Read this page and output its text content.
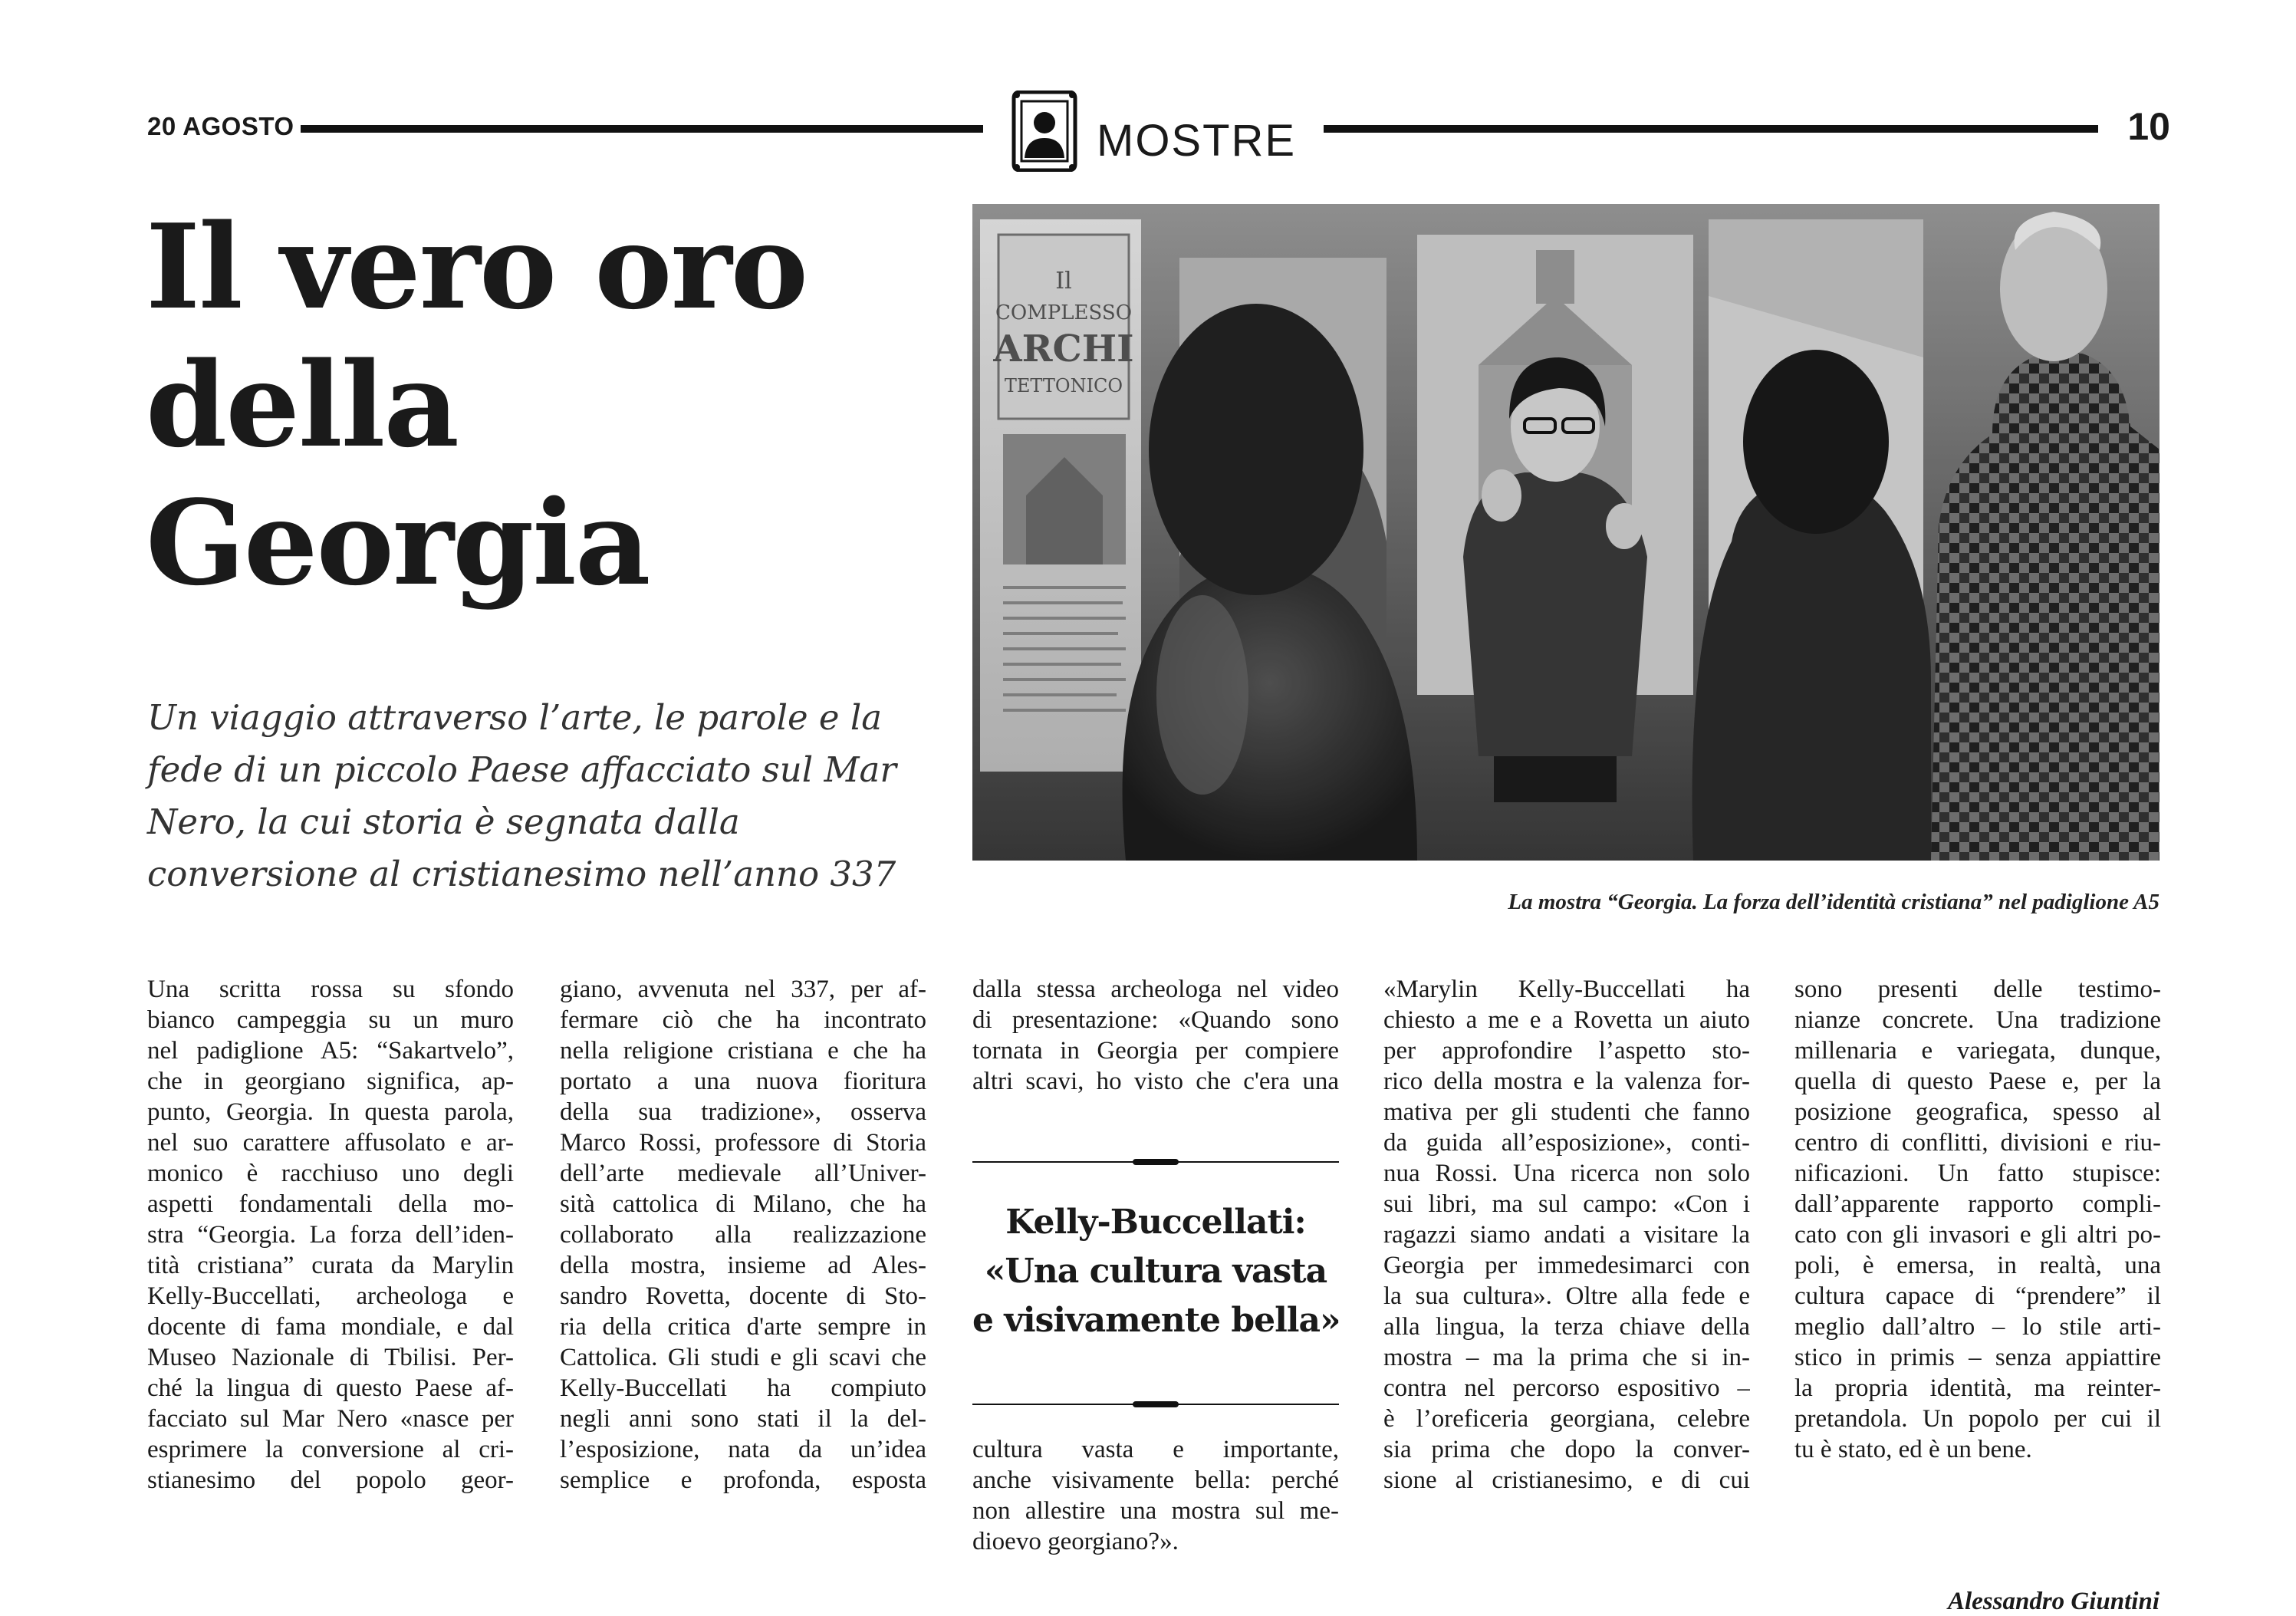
20 AGOSTO	MOSTRE	10
Il vero oro
della
Georgia
Un viaggio attraverso l’arte, le parole e la
fede di un piccolo Paese affacciato sul Mar
Nero, la cui storia è segnata dalla
conversione al cristianesimo nell’anno 337
Il
COMPLESSO
ARCHI
TETTONICO
La mostra “Georgia. La forza dell’identità cristiana” nel padiglione A5
Una scritta rossa su sfondo
bianco campeggia su un muro
nel padiglione A5: “Sakartvelo”,
che in georgiano significa, ap-
punto, Georgia. In questa parola,
nel suo carattere affusolato e ar-
monico è racchiuso uno degli
aspetti fondamentali della mo-
stra “Georgia. La forza dell’iden-
tità cristiana” curata da Marylin
Kelly-Buccellati, archeologa e
docente di fama mondiale, e dal
Museo Nazionale di Tbilisi. Per-
ché la lingua di questo Paese af-
facciato sul Mar Nero «nasce per
esprimere la conversione al cri-
stianesimo del popolo geor-
giano, avvenuta nel 337, per af-
fermare ciò che ha incontrato
nella religione cristiana e che ha
portato a una nuova fioritura
della sua tradizione», osserva
Marco Rossi, professore di Storia
dell’arte medievale all’Univer-
sità cattolica di Milano, che ha
collaborato alla realizzazione
della mostra, insieme ad Ales-
sandro Rovetta, docente di Sto-
ria della critica d'arte sempre in
Cattolica. Gli studi e gli scavi che
Kelly-Buccellati ha compiuto
negli anni sono stati il la del-
l’esposizione, nata da un’idea
semplice e profonda, esposta
dalla stessa archeologa nel video
di presentazione: «Quando sono
tornata in Georgia per compiere
altri scavi, ho visto che c'era una
Kelly-Buccellati:
«Una cultura vasta
e visivamente bella»
cultura vasta e importante,
anche visivamente bella: perché
non allestire una mostra sul me-
dioevo georgiano?».
«Marylin Kelly-Buccellati ha
chiesto a me e a Rovetta un aiuto
per approfondire l’aspetto sto-
rico della mostra e la valenza for-
mativa per gli studenti che fanno
da guida all’esposizione», conti-
nua Rossi. Una ricerca non solo
sui libri, ma sul campo: «Con i
ragazzi siamo andati a visitare la
Georgia per immedesimarci con
la sua cultura». Oltre alla fede e
alla lingua, la terza chiave della
mostra – ma la prima che si in-
contra nel percorso espositivo –
è l’oreficeria georgiana, celebre
sia prima che dopo la conver-
sione al cristianesimo, e di cui
sono presenti delle testimo-
nianze concrete. Una tradizione
millenaria e variegata, dunque,
quella di questo Paese e, per la
posizione geografica, spesso al
centro di conflitti, divisioni e riu-
nificazioni. Un fatto stupisce:
dall’apparente rapporto compli-
cato con gli invasori e gli altri po-
poli, è emersa, in realtà, una
cultura capace di “prendere” il
meglio dall’altro – lo stile arti-
stico in primis – senza appiattire
la propria identità, ma reinter-
pretandola. Un popolo per cui il
tu è stato, ed è un bene.
Alessandro Giuntini
